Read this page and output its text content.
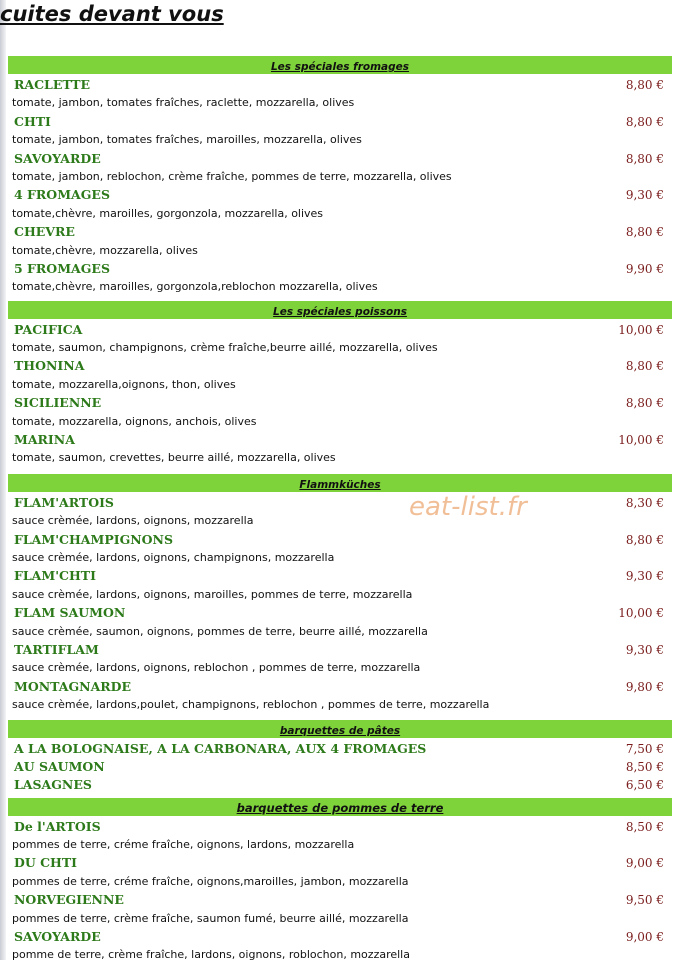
cuites devant vous
Les spéciales fromages
RACLETTE	8,80 €
tomate, jambon, tomates fraîches, raclette, mozzarella, olives
CHTI	8,80 €
tomate, jambon, tomates fraîches, maroilles, mozzarella, olives
SAVOYARDE	8,80 €
tomate, jambon, reblochon, crème fraîche, pommes de terre, mozzarella, olives
4 FROMAGES	9,30 €
tomate,chèvre, maroilles, gorgonzola, mozzarella, olives
CHEVRE	8,80 €
tomate,chèvre, mozzarella, olives
5 FROMAGES	9,90 €
tomate,chèvre, maroilles, gorgonzola,reblochon mozzarella, olives
Les spéciales poissons
PACIFICA	10,00 €
tomate, saumon, champignons, crème fraîche,beurre aillé, mozzarella, olives
THONINA	8,80 €
tomate, mozzarella,oignons, thon, olives
SICILIENNE	8,80 €
tomate, mozzarella, oignons, anchois, olives
MARINA	10,00 €
tomate, saumon, crevettes, beurre aillé, mozzarella, olives
Flammküches
FLAM'ARTOIS	8,30 €
sauce crèmée, lardons, oignons, mozzarella
FLAM'CHAMPIGNONS	8,80 €
sauce crèmée, lardons, oignons, champignons, mozzarella
FLAM'CHTI	9,30 €
sauce crèmée, lardons, oignons, maroilles, pommes de terre, mozzarella
FLAM SAUMON	10,00 €
sauce crèmée, saumon, oignons, pommes de terre, beurre aillé, mozzarella
TARTIFLAM	9,30 €
sauce crèmée, lardons, oignons, reblochon , pommes de terre, mozzarella
MONTAGNARDE	9,80 €
sauce crèmée, lardons,poulet, champignons, reblochon , pommes de terre, mozzarella
barquettes de pâtes
A LA BOLOGNAISE, A LA CARBONARA, AUX 4 FROMAGES	7,50 €
AU SAUMON	8,50 €
LASAGNES	6,50 €
barquettes de pommes de terre
De l'ARTOIS	8,50 €
pommes de terre, créme fraîche, oignons, lardons, mozzarella
DU CHTI	9,00 €
pommes de terre, créme fraîche, oignons,maroilles, jambon, mozzarella
NORVEGIENNE	9,50 €
pommes de terre, crème fraîche, saumon fumé, beurre aillé, mozzarella
SAVOYARDE	9,00 €
pomme de terre, crème fraîche, lardons, oignons, roblochon, mozzarella
eat-list.fr
